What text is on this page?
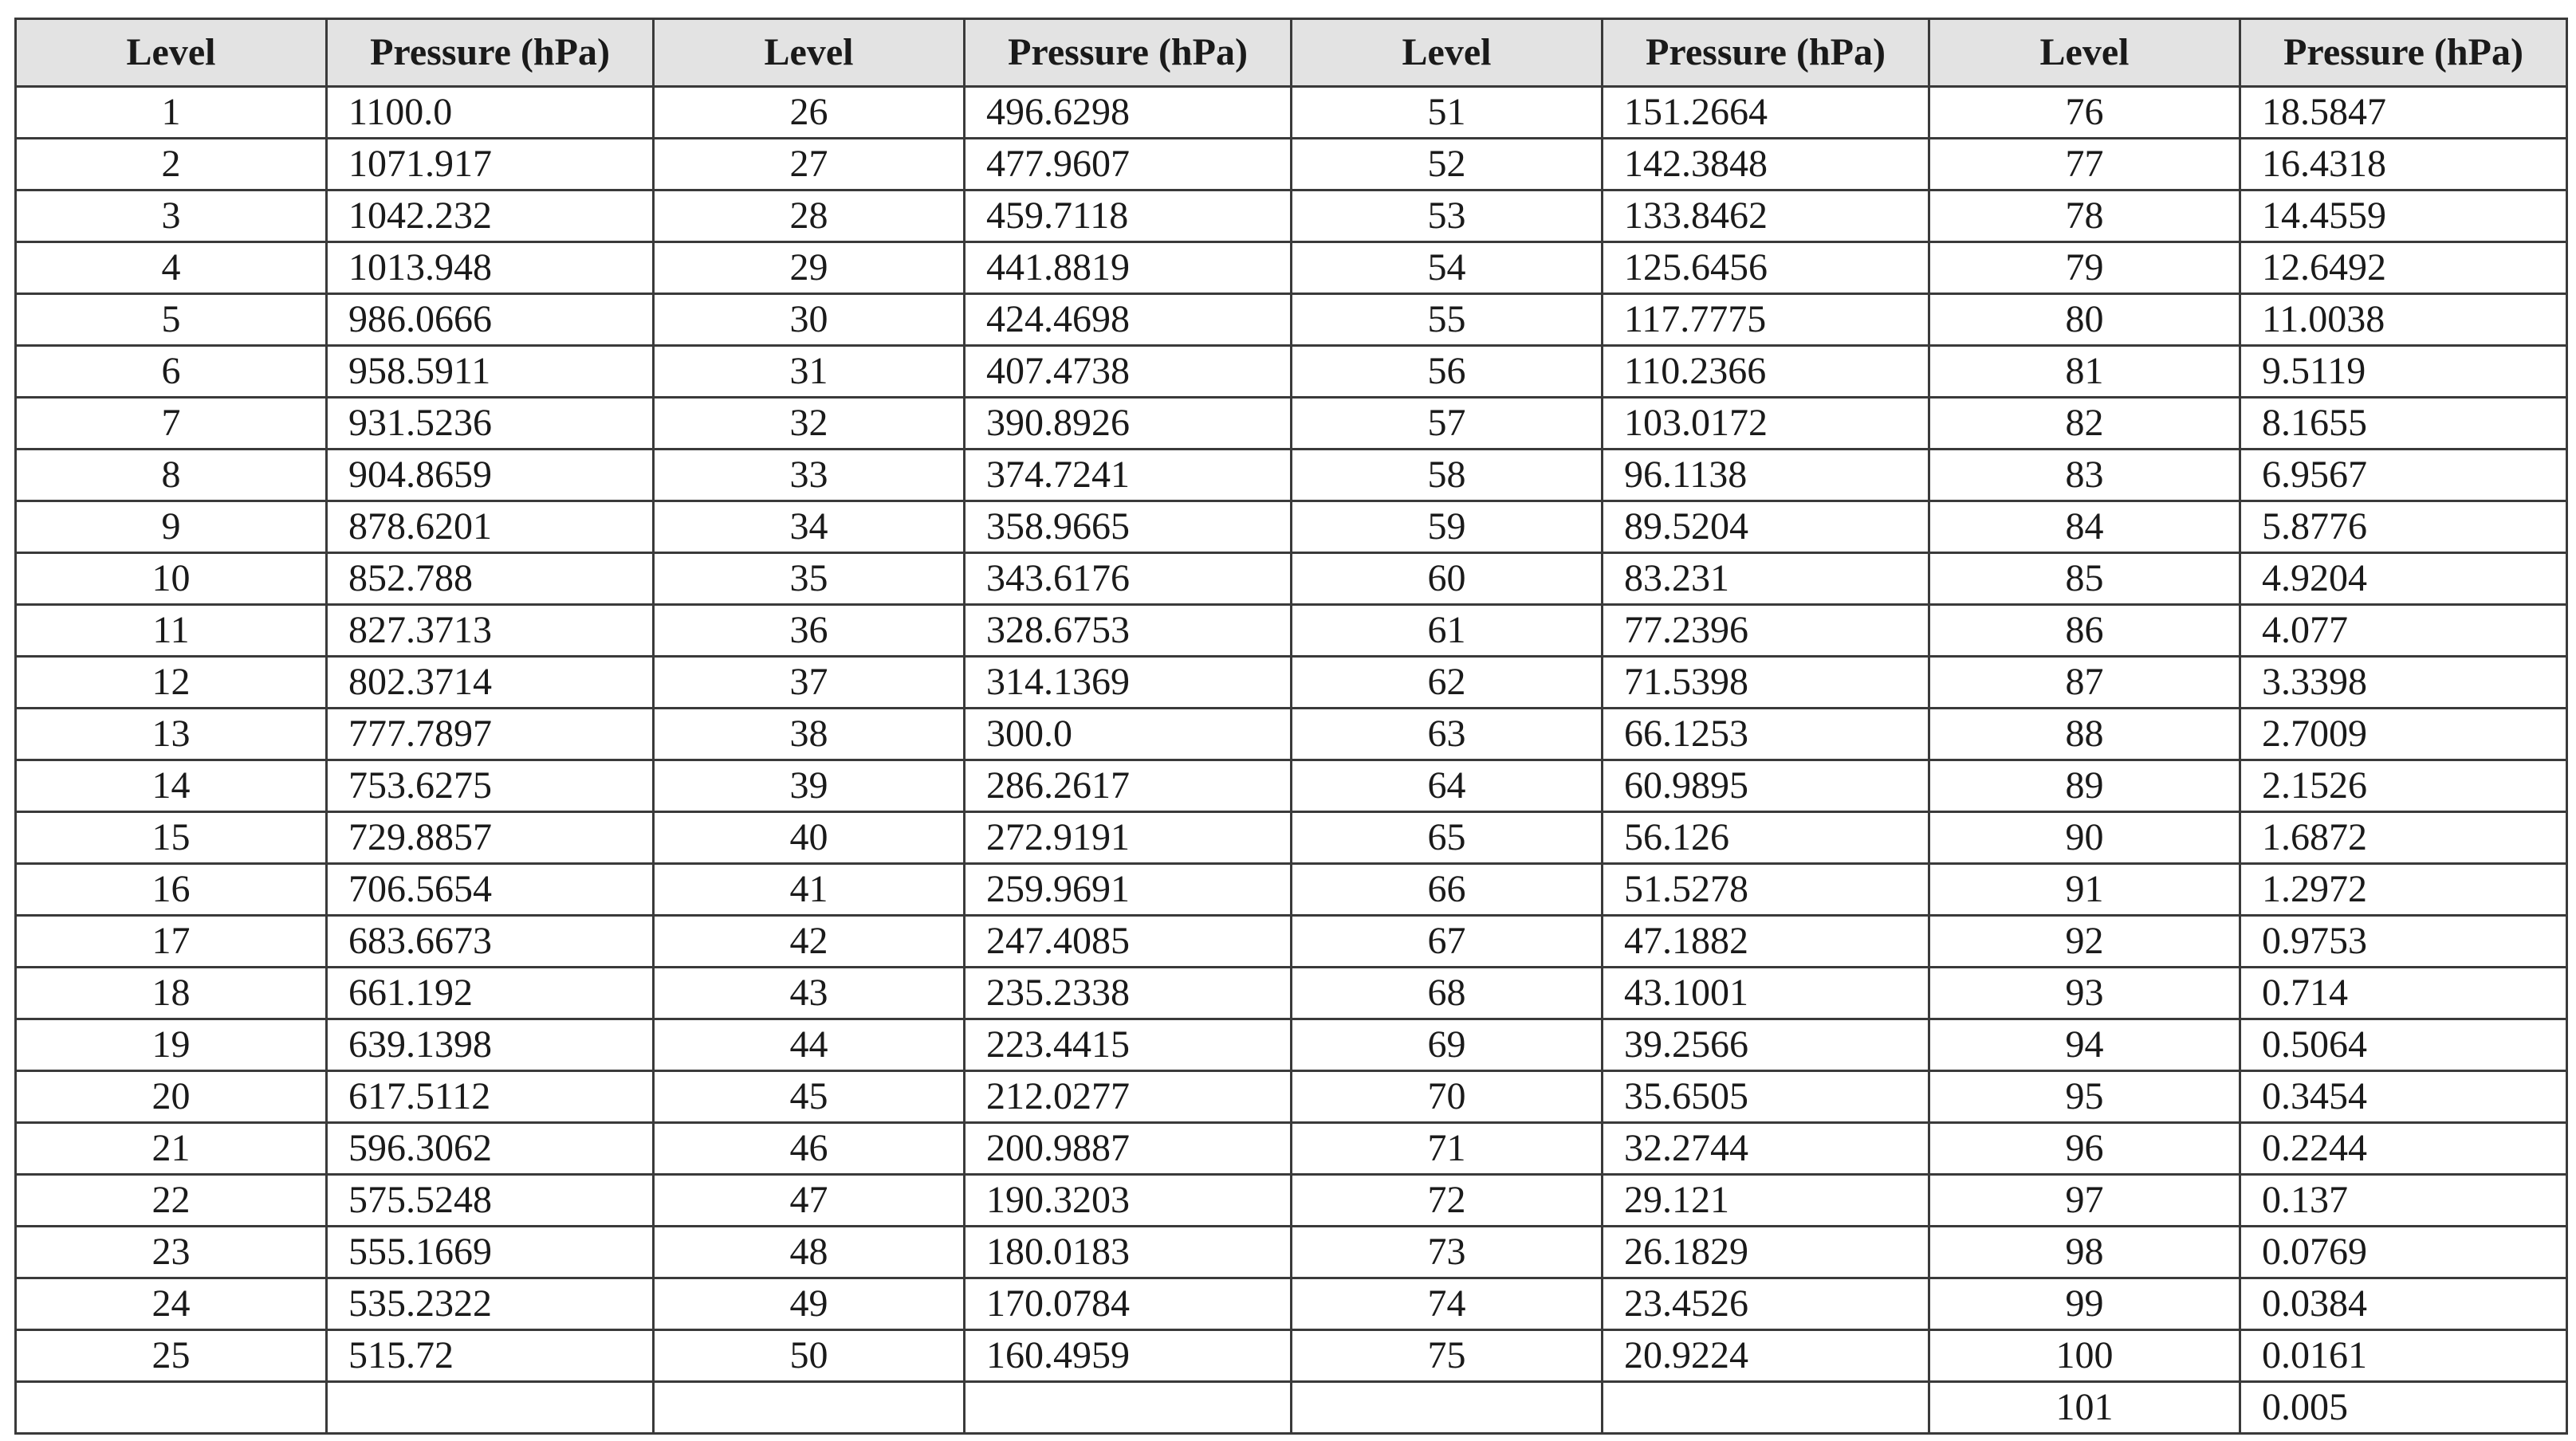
Level	Pressure (hPa)	Level	Pressure (hPa)	Level	Pressure (hPa)	Level	Pressure (hPa)
1	1100.0	26	496.6298	51	151.2664	76	18.5847
2	1071.917	27	477.9607	52	142.3848	77	16.4318
3	1042.232	28	459.7118	53	133.8462	78	14.4559
4	1013.948	29	441.8819	54	125.6456	79	12.6492
5	986.0666	30	424.4698	55	117.7775	80	11.0038
6	958.5911	31	407.4738	56	110.2366	81	9.5119
7	931.5236	32	390.8926	57	103.0172	82	8.1655
8	904.8659	33	374.7241	58	96.1138	83	6.9567
9	878.6201	34	358.9665	59	89.5204	84	5.8776
10	852.788	35	343.6176	60	83.231	85	4.9204
11	827.3713	36	328.6753	61	77.2396	86	4.077
12	802.3714	37	314.1369	62	71.5398	87	3.3398
13	777.7897	38	300.0	63	66.1253	88	2.7009
14	753.6275	39	286.2617	64	60.9895	89	2.1526
15	729.8857	40	272.9191	65	56.126	90	1.6872
16	706.5654	41	259.9691	66	51.5278	91	1.2972
17	683.6673	42	247.4085	67	47.1882	92	0.9753
18	661.192	43	235.2338	68	43.1001	93	0.714
19	639.1398	44	223.4415	69	39.2566	94	0.5064
20	617.5112	45	212.0277	70	35.6505	95	0.3454
21	596.3062	46	200.9887	71	32.2744	96	0.2244
22	575.5248	47	190.3203	72	29.121	97	0.137
23	555.1669	48	180.0183	73	26.1829	98	0.0769
24	535.2322	49	170.0784	74	23.4526	99	0.0384
25	515.72	50	160.4959	75	20.9224	100	0.0161
						101	0.005
